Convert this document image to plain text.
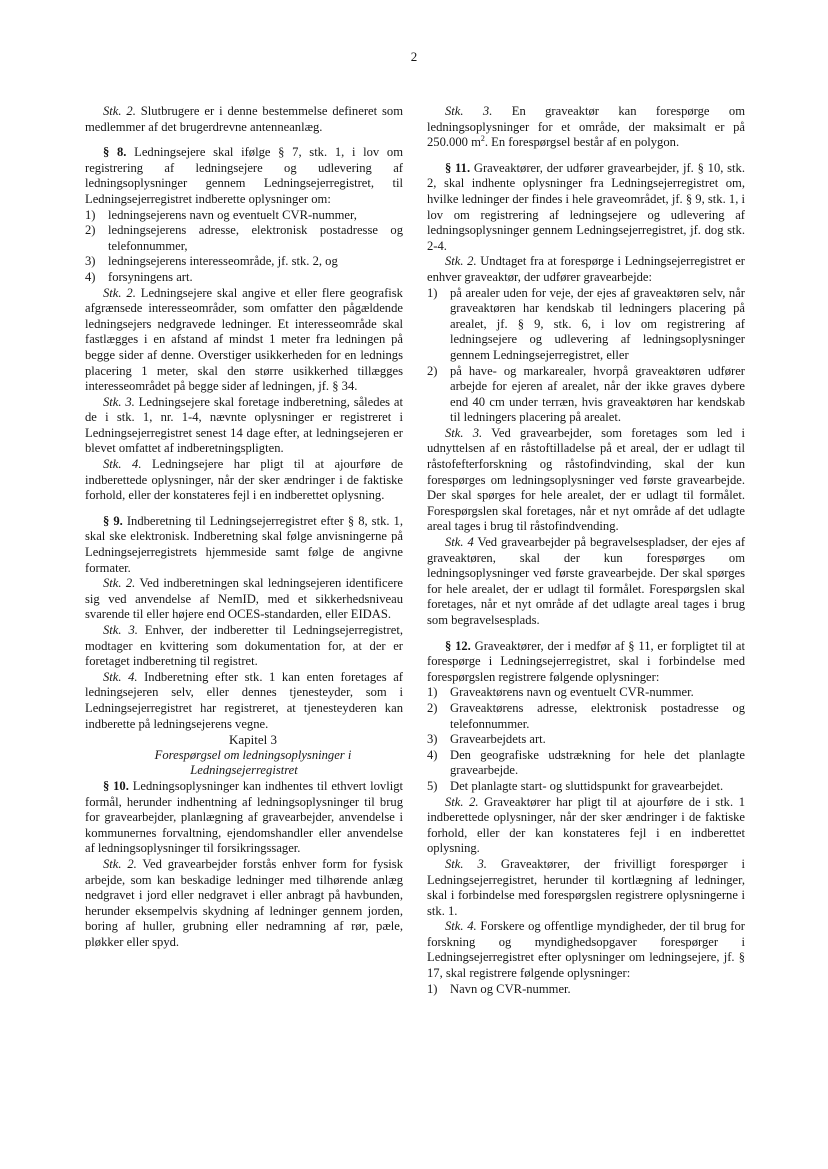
2

Stk. 2. Slutbrugere er i denne bestemmelse defineret som medlemmer af det brugerdrevne antenneanlæg.

§ 8. Ledningsejere skal ifølge § 7, stk. 1, i lov om registrering af ledningsejere og udlevering af ledningsoplysninger gennem Ledningsejerregistret, til Ledningsejerregistret indberette oplysninger om:

1) ledningsejerens navn og eventuelt CVR-nummer,
2) ledningsejerens adresse, elektronisk postadresse og telefonnummer,
3) ledningsejerens interesseområde, jf. stk. 2, og
4) forsyningens art.

Stk. 2. Ledningsejere skal angive et eller flere geografisk afgrænsede interesseområder, som omfatter den pågældende ledningsejers nedgravede ledninger. Et interesseområde skal fastlægges i en afstand af mindst 1 meter fra ledningen på begge sider af denne. Overstiger usikkerheden for en lednings placering 1 meter, skal den større usikkerhed tillægges interesseområdet på begge sider af ledningen, jf. § 34.

Stk. 3. Ledningsejere skal foretage indberetning, således at de i stk. 1, nr. 1-4, nævnte oplysninger er registreret i Ledningsejerregistret senest 14 dage efter, at ledningsejeren er blevet omfattet af indberetningspligten.

Stk. 4. Ledningsejere har pligt til at ajourføre de indberettede oplysninger, når der sker ændringer i de faktiske forhold, eller der konstateres fejl i en indberettet oplysning.

§ 9. Indberetning til Ledningsejerregistret efter § 8, stk. 1, skal ske elektronisk. Indberetning skal følge anvisningerne på Ledningsejerregistrets hjemmeside samt følge de angivne formater.

Stk. 2. Ved indberetningen skal ledningsejeren identificere sig ved anvendelse af NemID, med et sikkerhedsniveau svarende til eller højere end OCES-standarden, eller EIDAS.

Stk. 3. Enhver, der indberetter til Ledningsejerregistret, modtager en kvittering som dokumentation for, at der er foretaget indberetning til registret.

Stk. 4. Indberetning efter stk. 1 kan enten foretages af ledningsejeren selv, eller dennes tjenesteyder, som i Ledningsejerregistret har registreret, at tjenesteyderen kan indberette på ledningsejerens vegne.

Kapitel 3

Forespørgsel om ledningsoplysninger i
Ledningsejerregistret

§ 10. Ledningsoplysninger kan indhentes til ethvert lovligt formål, herunder indhentning af ledningsoplysninger til brug for gravearbejder, planlægning af gravearbejder, anvendelse i kommunernes forvaltning, ejendomshandler eller anvendelse af ledningsoplysninger til forsikringssager.

Stk. 2. Ved gravearbejder forstås enhver form for fysisk arbejde, som kan beskadige ledninger med tilhørende anlæg nedgravet i jord eller nedgravet i eller anbragt på havbunden, herunder eksempelvis skydning af ledninger gennem jorden, boring af huller, grubning eller nedramning af rør, pæle, pløkker eller spyd.

Stk. 3. En graveaktør kan forespørge om ledningsoplysninger for et område, der maksimalt er på 250.000 $m^2$. En forespørgsel består af en polygon.

§ 11. Graveaktører, der udfører gravearbejder, jf. § 10, stk. 2, skal indhente oplysninger fra Ledningsejerregistret om, hvilke ledninger der findes i hele graveområdet, jf. § 9, stk. 1, i lov om registrering af ledningsejere og udlevering af ledningsoplysninger gennem Ledningsejerregistret, jf. dog stk. 2-4.

Stk. 2. Undtaget fra at forespørge i Ledningsejerregistret er enhver graveaktør, der udfører gravearbejde:

1) på arealer uden for veje, der ejes af graveaktøren selv, når graveaktøren har kendskab til ledningers placering på arealet, jf. § 9, stk. 6, i lov om registrering af ledningsejere og udlevering af ledningsoplysninger gennem Ledningsejerregistret, eller
2) på have- og markarealer, hvorpå graveaktøren udfører arbejde for ejeren af arealet, når der ikke graves dybere end 40 cm under terræn, hvis graveaktøren har kendskab til ledningers placering på arealet.

Stk. 3. Ved gravearbejder, som foretages som led i udnyttelsen af en råstoftilladelse på et areal, der er udlagt til råstofefterforskning og råstofindvinding, skal der kun forespørges om ledningsoplysninger ved første gravearbejde. Der skal spørges for hele arealet, der er udlagt til formålet. Forespørgslen skal foretages, når et nyt område af det udlagte areal tages i brug til råstofindvending.

Stk. 4 Ved gravearbejder på begravelsespladser, der ejes af graveaktøren, skal der kun forespørges om ledningsoplysninger ved første gravearbejde. Der skal spørges for hele arealet, der er udlagt til formålet. Forespørgslen skal foretages, når et nyt område af det udlagte areal tages i brug som begravelsesplads.

§ 12. Graveaktører, der i medfør af § 11, er forpligtet til at forespørge i Ledningsejerregistret, skal i forbindelse med forespørgslen registrere følgende oplysninger:

1) Graveaktørens navn og eventuelt CVR-nummer.
2) Graveaktørens adresse, elektronisk postadresse og telefonnummer.
3) Gravearbejdets art.
4) Den geografiske udstrækning for hele det planlagte gravearbejde.
5) Det planlagte start- og sluttidspunkt for gravearbejdet.

Stk. 2. Graveaktører har pligt til at ajourføre de i stk. 1 indberettede oplysninger, når der sker ændringer i de faktiske forhold, eller der kan konstateres fejl i en indberettet oplysning.

Stk. 3. Graveaktører, der frivilligt forespørger i Ledningsejerregistret, herunder til kortlægning af ledninger, skal i forbindelse med forespørgslen registrere oplysningerne i stk. 1.

Stk. 4. Forskere og offentlige myndigheder, der til brug for forskning og myndighedsopgaver forespørger i Ledningsejerregistret efter oplysninger om ledningsejere, jf. § 17, skal registrere følgende oplysninger:

1) Navn og CVR-nummer.
